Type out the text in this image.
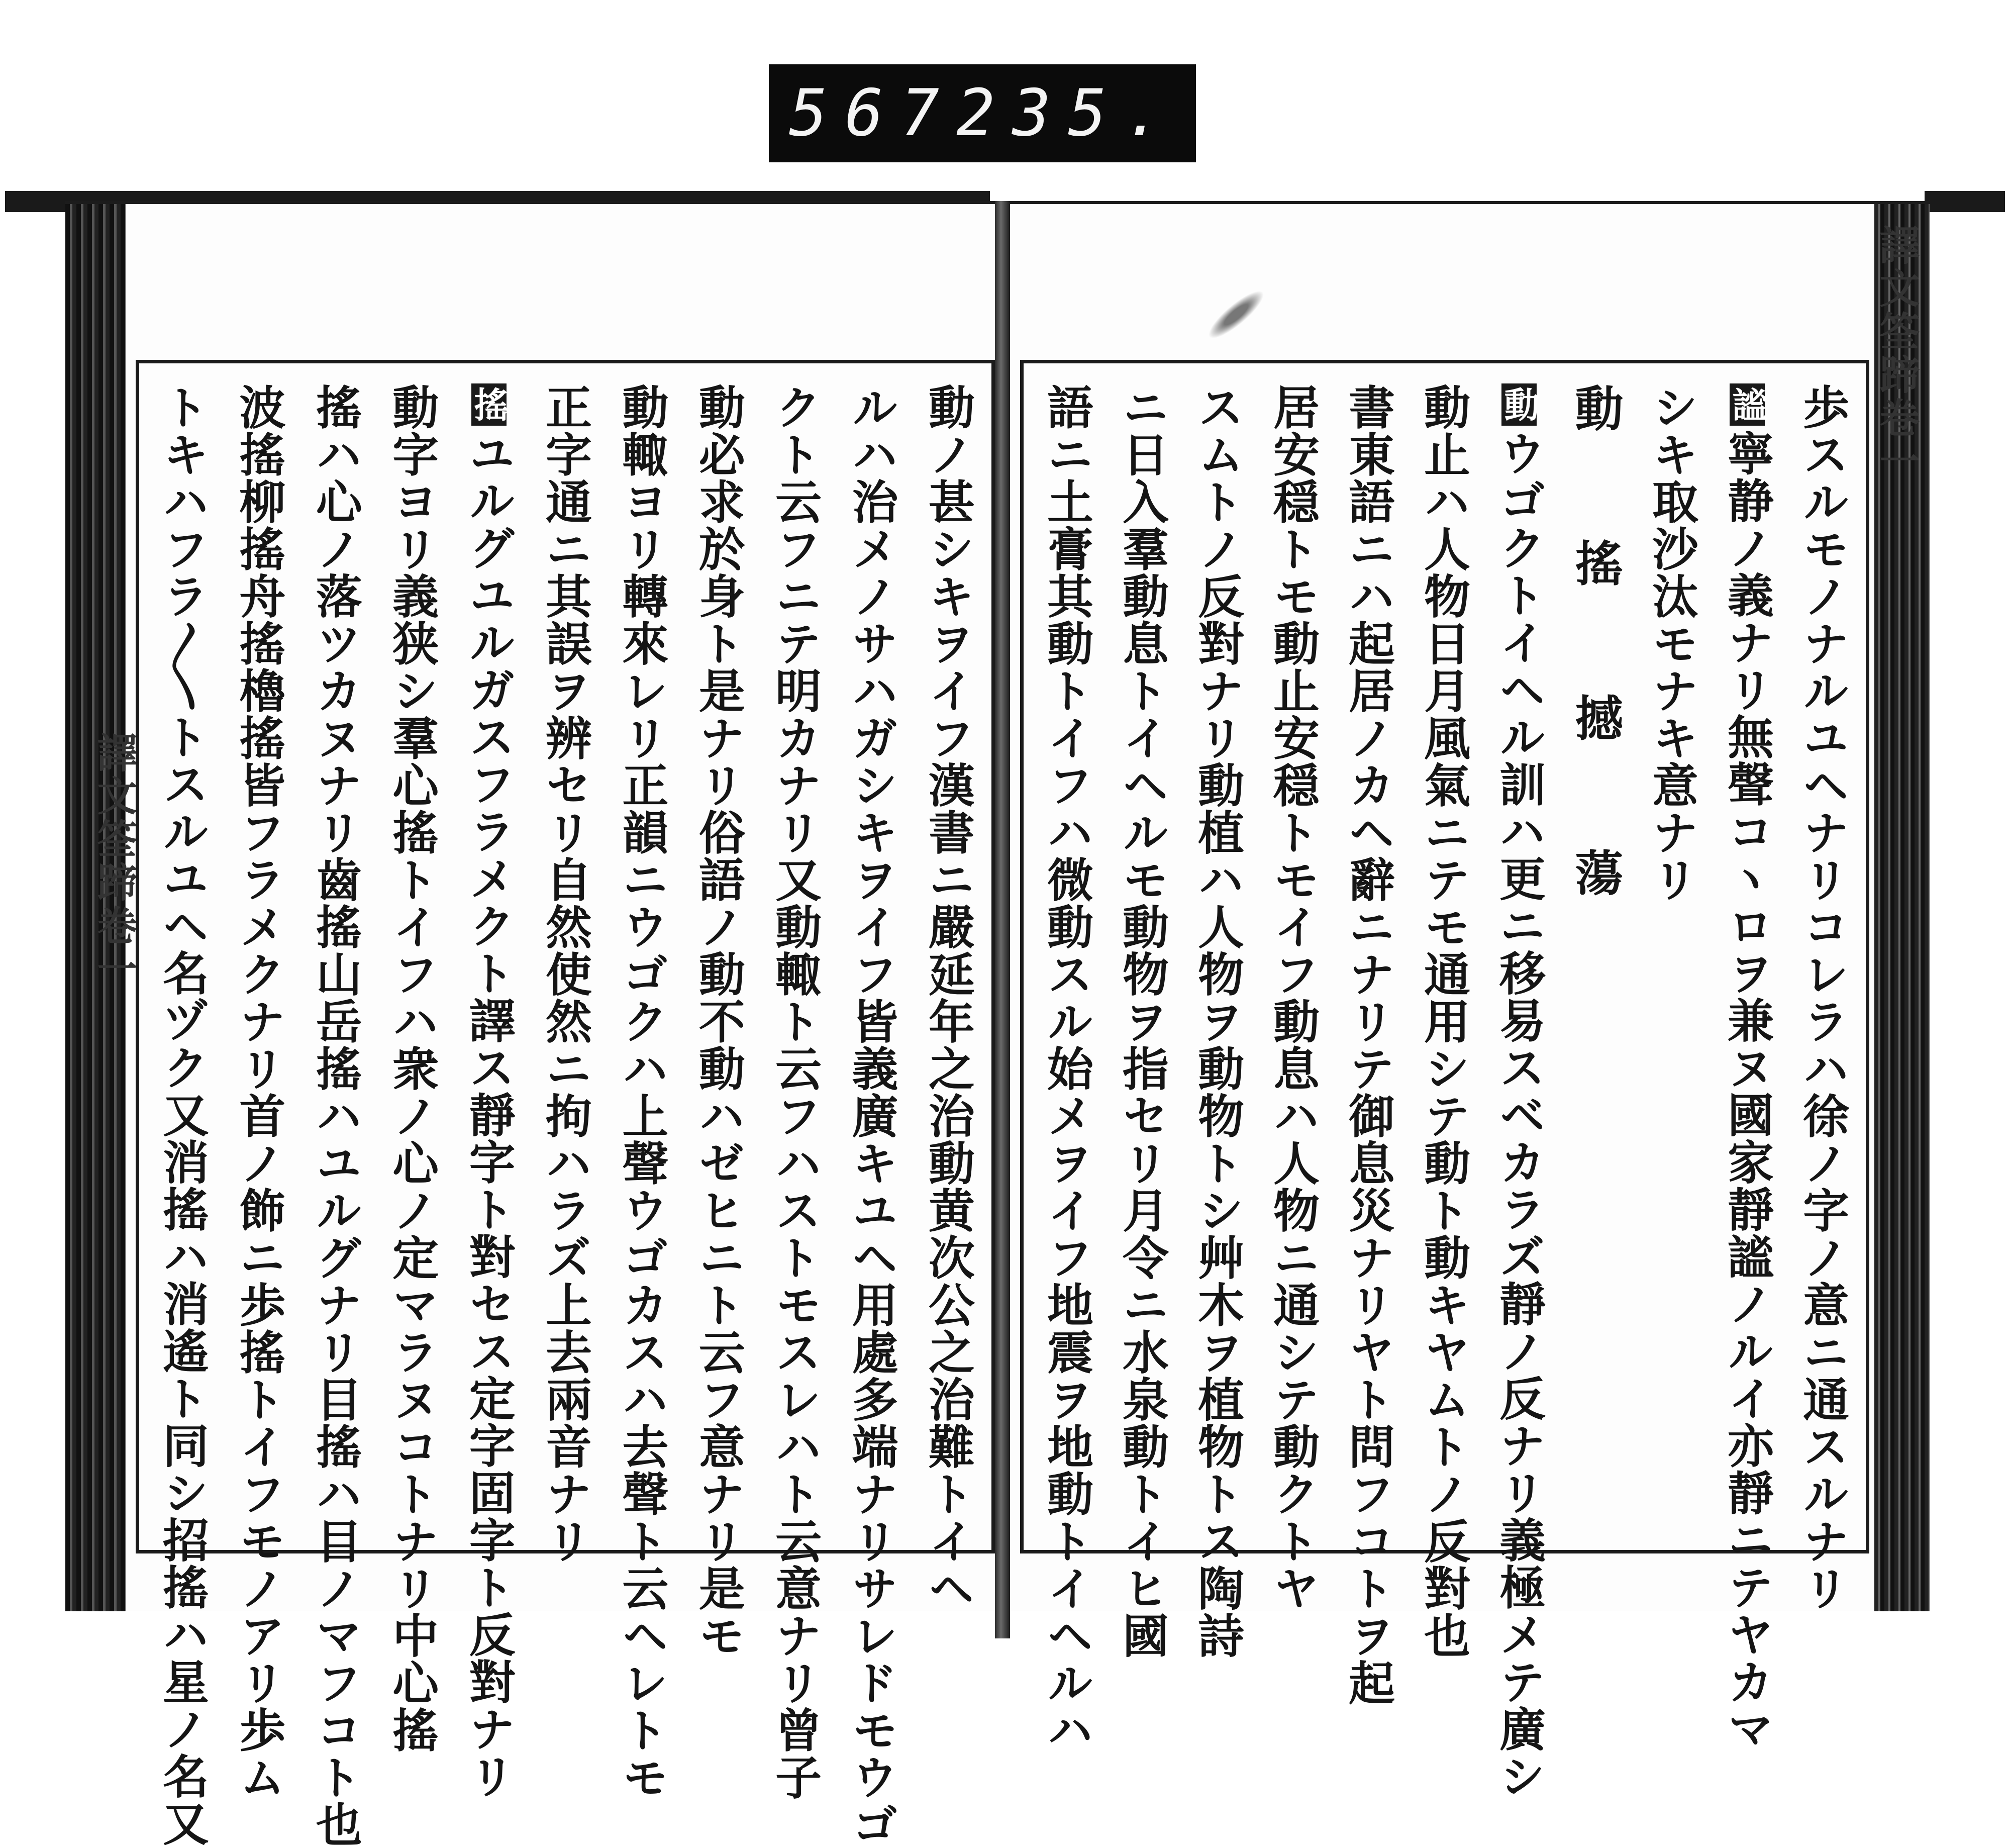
567 235.
譯文筌蹄卷一	動ノ甚シキヲイフ漢書ニ嚴延年之治動黄次公之治難トイヘ
ルハ治メノサハガシキヲイフ皆義廣キユヘ用處多端ナリサレドモウゴ
クト云フニテ明カナリ又動輙ト云フハストモスレハト云意ナリ曾子
動必求於身ト是ナリ俗語ノ動不動ハゼヒニト云フ意ナリ是モ
動輙ヨリ轉來レリ正韻ニウゴクハ上聲ウゴカスハ去聲ト云ヘレトモ
正字通ニ其誤ヲ辨セリ自然使然ニ拘ハラズ上去兩音ナリ
搖ユルグユルガスフラメクト譯ス靜字ト對セス定字固字ト反對ナリ
動字ヨリ義狭シ羣心搖トイフハ衆ノ心ノ定マラヌコトナリ中心搖
搖ハ心ノ落ツカヌナリ齒搖山岳搖ハユルグナリ目搖ハ目ノマフコト也
波搖柳搖舟搖櫓搖皆フラメクナリ首ノ飾ニ歩搖トイフモノアリ歩ム
トキハフラ〳〵トスルユヘ名ヅク又消搖ハ消遙ト同シ招搖ハ星ノ名又
譯文筌蹄卷一
歩スルモノナルユヘナリコレラハ徐ノ字ノ意ニ通スルナリ
謐寧静ノ義ナリ無聲コヽロヲ兼ヌ國家靜謐ノルイ亦靜ニテヤカマ
シキ取沙汰モナキ意ナリ
動　搖　撼　蕩
動ウゴクトイヘル訓ハ更ニ移易スベカラズ靜ノ反ナリ義極メテ廣シ
動止ハ人物日月風氣ニテモ通用シテ動ト動キヤムトノ反對也
書東語ニハ起居ノカヘ辭ニナリテ御息災ナリヤト問フコトヲ起
居安穏トモ動止安穏トモイフ動息ハ人物ニ通シテ動クトヤ
スムトノ反對ナリ動植ハ人物ヲ動物トシ艸木ヲ植物トス陶詩
ニ日入羣動息トイヘルモ動物ヲ指セリ月令ニ水泉動トイヒ國
語ニ土膏其動トイフハ微動スル始メヲイフ地震ヲ地動トイヘルハ
